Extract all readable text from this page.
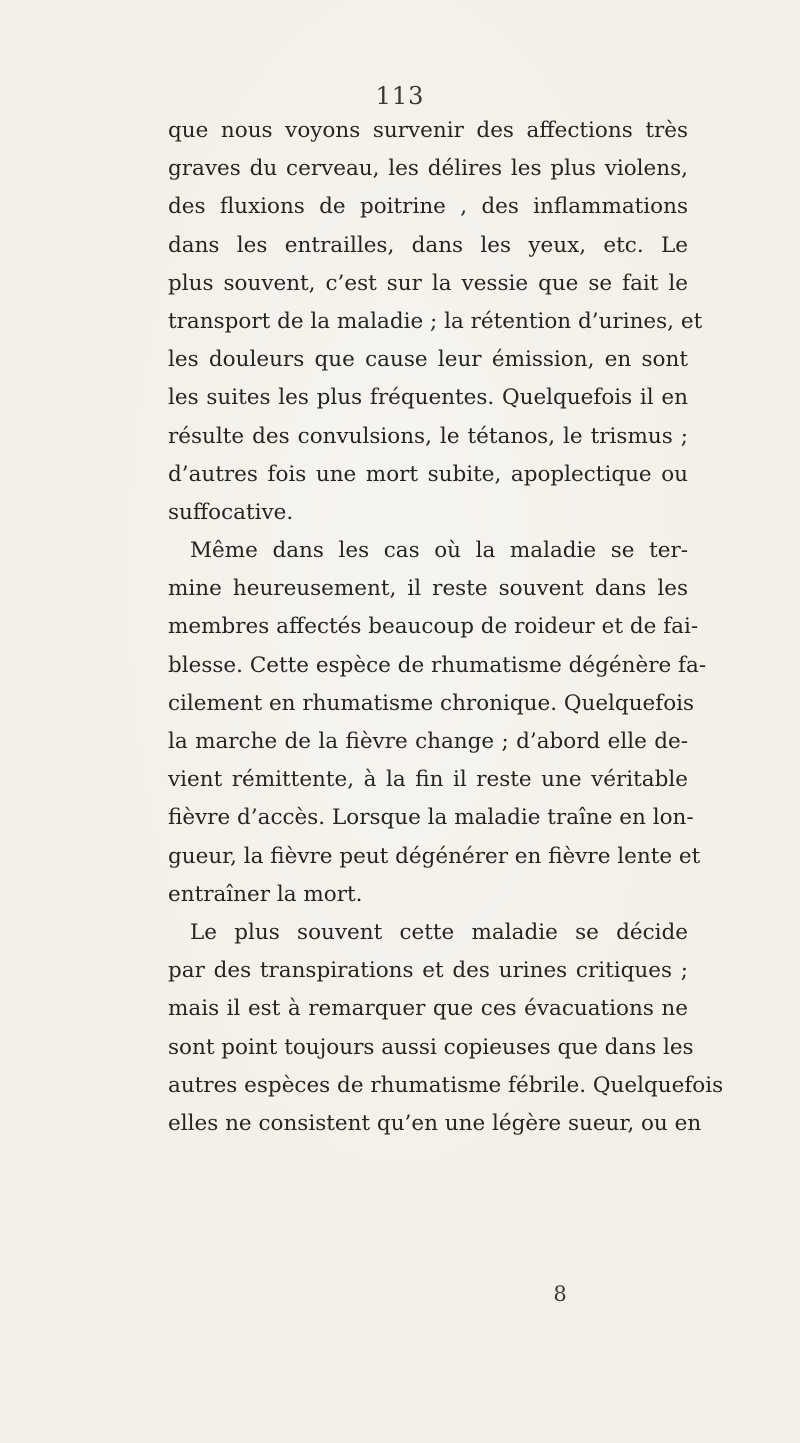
113
que nous voyons survenir des affections très
graves du cerveau, les délires les plus violens,
des fluxions de poitrine , des inflammations
dans les entrailles, dans les yeux, etc. Le
plus souvent, c’est sur la vessie que se fait le
transport de la maladie ; la rétention d’urines, et
les douleurs que cause leur émission, en sont
les suites les plus fréquentes. Quelquefois il en
résulte des convulsions, le tétanos, le trismus ;
d’autres fois une mort subite, apoplectique ou
suffocative.
Même dans les cas où la maladie se ter-
mine heureusement, il reste souvent dans les
membres affectés beaucoup de roideur et de fai-
blesse. Cette espèce de rhumatisme dégénère fa-
cilement en rhumatisme chronique. Quelquefois
la marche de la fièvre change ; d’abord elle de-
vient rémittente, à la fin il reste une véritable
fièvre d’accès. Lorsque la maladie traîne en lon-
gueur, la fièvre peut dégénérer en fièvre lente et
entraîner la mort.
Le plus souvent cette maladie se décide
par des transpirations et des urines critiques ;
mais il est à remarquer que ces évacuations ne
sont point toujours aussi copieuses que dans les
autres espèces de rhumatisme fébrile. Quelquefois
elles ne consistent qu’en une légère sueur, ou en
8
